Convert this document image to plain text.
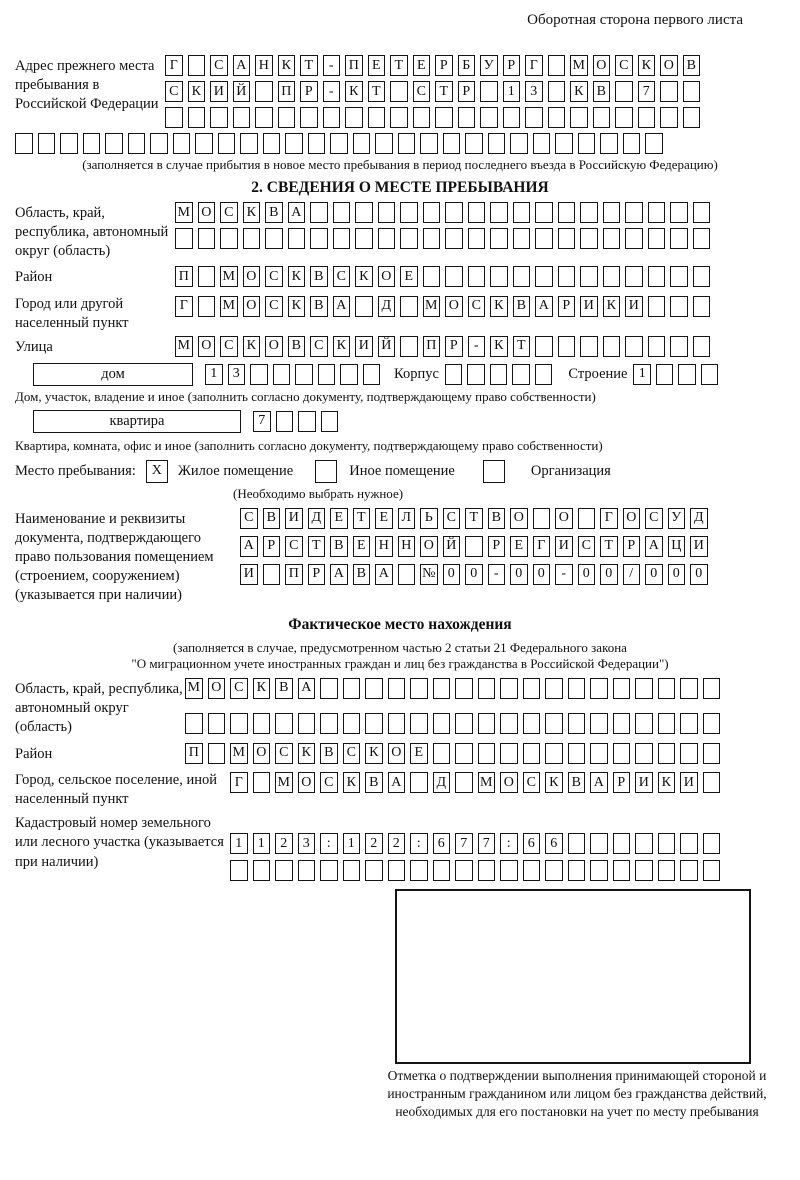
Оборотная сторона первого листа
Адрес прежнего места пребывания в Российской Федерации
Г	С А Н К Т	-	П Е Т Е	Р	Б У Р	Г	М О С К О В
С К И Й П Р	-	К Т	С Т	Р	1	3	К В	7
(заполняется в случае прибытия в новое место пребывания в период последнего въезда в Российскую Федерацию)
2. СВЕДЕНИЯ О МЕСТЕ ПРЕБЫВАНИЯ
Область, край, республика, автономный округ (область)
М О С К В А
Район	П М О С К В С К О Е
Город или другой населенный пункт
Г	М О С К В А	Д М О С К В А Р И К И
Улица	М О С К О В С К И Й П Р	-	К Т
дом	1	3	Корпус	Строение 1
Дом, участок, владение и иное (заполнить согласно документу, подтверждающему право собственности)
квартира	7
Квартира, комната, офис и иное (заполнить согласно документу, подтверждающему право собственности)
Место пребывания:	X	Жилое помещение	Иное помещение	Организация
(Необходимо выбрать нужное)
Наименование и реквизиты документа, подтверждающего право пользования помещением (строением, сооружением) (указывается при наличии)
С В И Д Е Т Е Л Ь С Т В О О	Г О С У Д
А Р С Т В Е Н Н О Й	Р	Е	Г И С Т	Р А Ц И
И П Р А В А № 0	0	-	0	0	-	0	0	/	0	0	0
Фактическое место нахождения
(заполняется в случае, предусмотренном частью 2 статьи 21 Федерального закона
"О миграционном учете иностранных граждан и лиц без гражданства в Российской Федерации")
Область, край, республика, автономный округ (область)
М О С К В А
Район	П М О С К В С К О Е
Город, сельское поселение, иной населенный пункт
Г	М О С К В А	Д М О С К В А Р И К И
Кадастровый номер земельного или лесного участка (указывается при наличии)
1	1	2	3	:	1	2	2	:	6	7	7	:	6	6
Отметка о подтверждении выполнения принимающей стороной и иностранным гражданином или лицом без гражданства действий, необходимых для его постановки на учет по месту пребывания
